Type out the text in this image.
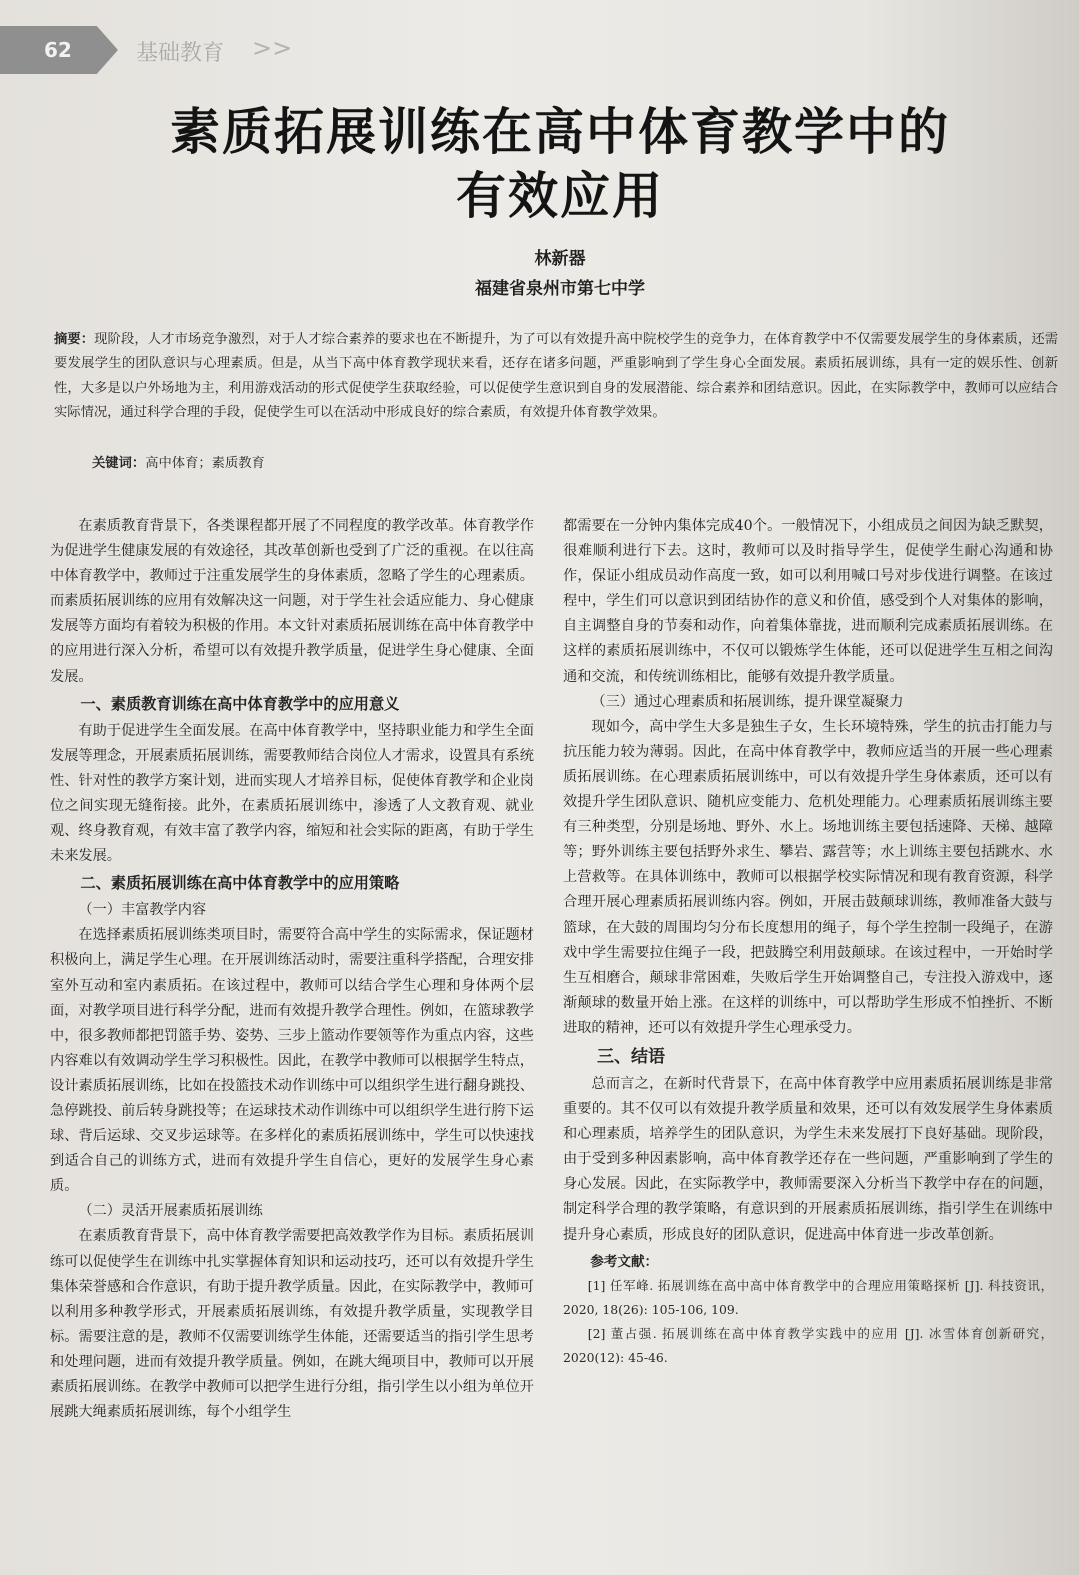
62	基础教育 >>
素质拓展训练在高中体育教学中的
有效应用
林新器
福建省泉州市第七中学
摘要：现阶段，人才市场竞争激烈，对于人才综合素养的要求也在不断提升，为了可以有效提升高中院校学生的竞争力，在体育教学中不仅需要发展学生的身体素质，还需要发展学生的团队意识与心理素质。但是，从当下高中体育教学现状来看，还存在诸多问题，严重影响到了学生身心全面发展。素质拓展训练，具有一定的娱乐性、创新性，大多是以户外场地为主，利用游戏活动的形式促使学生获取经验，可以促使学生意识到自身的发展潜能、综合素养和团结意识。因此，在实际教学中，教师可以应结合实际情况，通过科学合理的手段，促使学生可以在活动中形成良好的综合素质，有效提升体育教学效果。
关键词：高中体育；素质教育

在素质教育背景下，各类课程都开展了不同程度的教学改革。体育教学作为促进学生健康发展的有效途径，其改革创新也受到了广泛的重视。在以往高中体育教学中，教师过于注重发展学生的身体素质，忽略了学生的心理素质。而素质拓展训练的应用有效解决这一问题，对于学生社会适应能力、身心健康发展等方面均有着较为积极的作用。本文针对素质拓展训练在高中体育教学中的应用进行深入分析，希望可以有效提升教学质量，促进学生身心健康、全面发展。

一、素质教育训练在高中体育教学中的应用意义

有助于促进学生全面发展。在高中体育教学中，坚持职业能力和学生全面发展等理念，开展素质拓展训练，需要教师结合岗位人才需求，设置具有系统性、针对性的教学方案计划，进而实现人才培养目标，促使体育教学和企业岗位之间实现无缝衔接。此外，在素质拓展训练中，渗透了人文教育观、就业观、终身教育观，有效丰富了教学内容，缩短和社会实际的距离，有助于学生未来发展。

二、素质拓展训练在高中体育教学中的应用策略
（一）丰富教学内容

在选择素质拓展训练类项目时，需要符合高中学生的实际需求，保证题材积极向上，满足学生心理。在开展训练活动时，需要注重科学搭配，合理安排室外互动和室内素质拓。在该过程中，教师可以结合学生心理和身体两个层面，对教学项目进行科学分配，进而有效提升教学合理性。例如，在篮球教学中，很多教师都把罚篮手势、姿势、三步上篮动作要领等作为重点内容，这些内容难以有效调动学生学习积极性。因此，在教学中教师可以根据学生特点，设计素质拓展训练，比如在投篮技术动作训练中可以组织学生进行翻身跳投、急停跳投、前后转身跳投等；在运球技术动作训练中可以组织学生进行胯下运球、背后运球、交叉步运球等。在多样化的素质拓展训练中，学生可以快速找到适合自己的训练方式，进而有效提升学生自信心，更好的发展学生身心素质。

（二）灵活开展素质拓展训练

在素质教育背景下，高中体育教学需要把高效教学作为目标。素质拓展训练可以促使学生在训练中扎实掌握体育知识和运动技巧，还可以有效提升学生集体荣誉感和合作意识，有助于提升教学质量。因此，在实际教学中，教师可以利用多种教学形式，开展素质拓展训练，有效提升教学质量，实现教学目标。需要注意的是，教师不仅需要训练学生体能，还需要适当的指引学生思考和处理问题，进而有效提升教学质量。例如，在跳大绳项目中，教师可以开展素质拓展训练。在教学中教师可以把学生进行分组，指引学生以小组为单位开展跳大绳素质拓展训练，每个小组学生

都需要在一分钟内集体完成40个。一般情况下，小组成员之间因为缺乏默契，很难顺利进行下去。这时，教师可以及时指导学生，促使学生耐心沟通和协作，保证小组成员动作高度一致，如可以利用喊口号对步伐进行调整。在该过程中，学生们可以意识到团结协作的意义和价值，感受到个人对集体的影响，自主调整自身的节奏和动作，向着集体靠拢，进而顺利完成素质拓展训练。在这样的素质拓展训练中，不仅可以锻炼学生体能，还可以促进学生互相之间沟通和交流，和传统训练相比，能够有效提升教学质量。

（三）通过心理素质和拓展训练，提升课堂凝聚力

现如今，高中学生大多是独生子女，生长环境特殊，学生的抗击打能力与抗压能力较为薄弱。因此，在高中体育教学中，教师应适当的开展一些心理素质拓展训练。在心理素质拓展训练中，可以有效提升学生身体素质，还可以有效提升学生团队意识、随机应变能力、危机处理能力。心理素质拓展训练主要有三种类型，分别是场地、野外、水上。场地训练主要包括速降、天梯、越障等；野外训练主要包括野外求生、攀岩、露营等；水上训练主要包括跳水、水上营救等。在具体训练中，教师可以根据学校实际情况和现有教育资源，科学合理开展心理素质拓展训练内容。例如，开展击鼓颠球训练，教师准备大鼓与篮球，在大鼓的周围均匀分布长度想用的绳子，每个学生控制一段绳子，在游戏中学生需要拉住绳子一段，把鼓腾空利用鼓颠球。在该过程中，一开始时学生互相磨合，颠球非常困难，失败后学生开始调整自己，专注投入游戏中，逐渐颠球的数量开始上涨。在这样的训练中，可以帮助学生形成不怕挫折、不断进取的精神，还可以有效提升学生心理承受力。

三、结语

总而言之，在新时代背景下，在高中体育教学中应用素质拓展训练是非常重要的。其不仅可以有效提升教学质量和效果，还可以有效发展学生身体素质和心理素质，培养学生的团队意识，为学生未来发展打下良好基础。现阶段，由于受到多种因素影响，高中体育教学还存在一些问题，严重影响到了学生的身心发展。因此，在实际教学中，教师需要深入分析当下教学中存在的问题，制定科学合理的教学策略，有意识到的开展素质拓展训练，指引学生在训练中提升身心素质，形成良好的团队意识，促进高中体育进一步改革创新。

参考文献：

[1] 任军峰. 拓展训练在高中高中体育教学中的合理应用策略探析 [J]. 科技资讯，2020, 18(26): 105-106, 109.

[2] 董占强. 拓展训练在高中体育教学实践中的应用 [J]. 冰雪体育创新研究，2020(12): 45-46.
